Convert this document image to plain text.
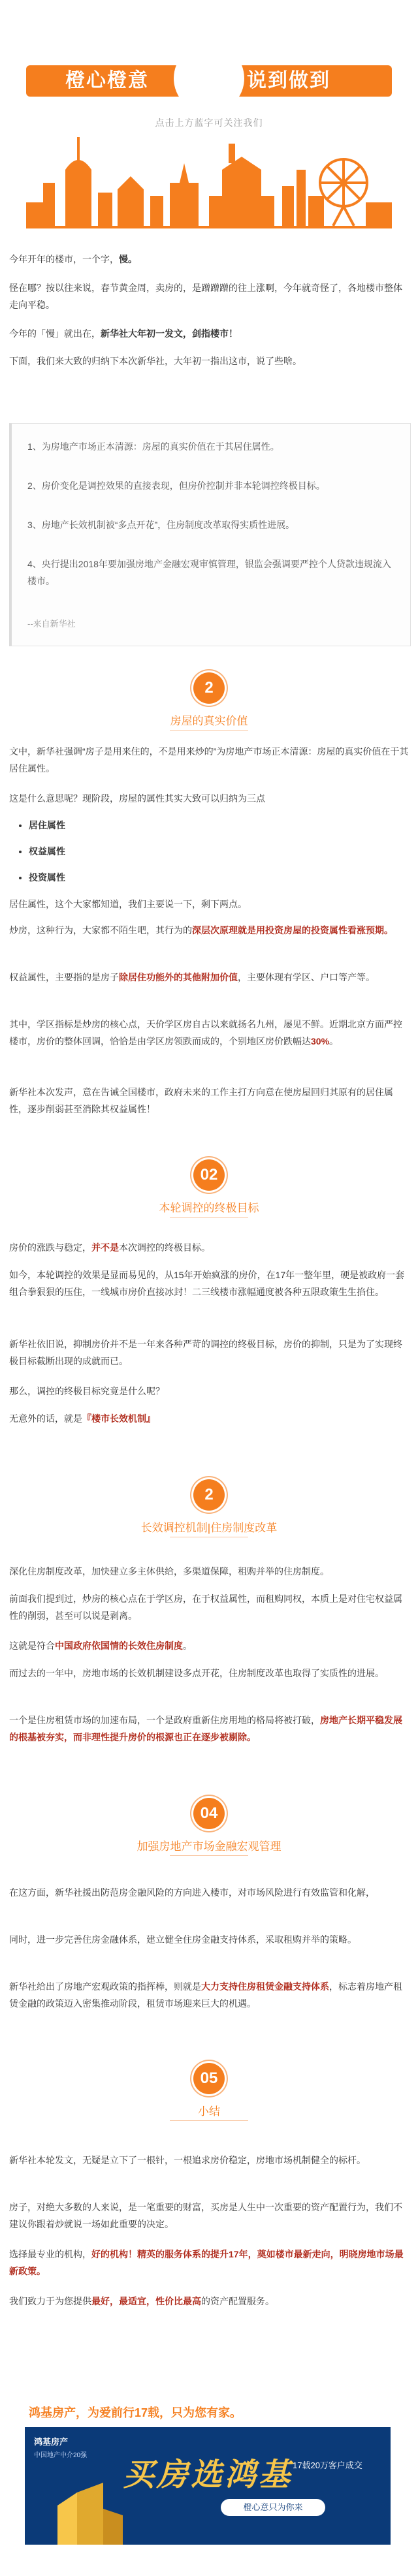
橙心橙意	说到做到
点击上方蓝字可关注我们

今年开年的楼市，一个字，慢。

怪在哪？按以往来说，春节黄金周，卖房的，是蹭蹭蹭的往上涨啊，今年就奇怪了，各地楼市整体走向平稳。

今年的「慢」就出在，新华社大年初一发文，剑指楼市！

下面，我们来大致的归纳下本次新华社，大年初一指出这市，说了些啥。

1、为房地产市场正本清源：房屋的真实价值在于其居住属性。
2、房价变化是调控效果的直接表现，但房价控制并非本轮调控终极目标。
3、房地产长效机制被“多点开花”，住房制度改革取得实质性进展。
4、央行提出2018年要加强房地产金融宏观审慎管理，银监会强调要严控个人贷款违规流入楼市。
--来自新华社
2
房屋的真实价值

文中，新华社强调“房子是用来住的，不是用来炒的”为房地产市场正本清源：房屋的真实价值在于其居住属性。

这是什么意思呢？现阶段，房屋的属性其实大致可以归纳为三点

• 居住属性
• 权益属性
• 投资属性

居住属性，这个大家都知道，我们主要说一下，剩下两点。

炒房，这种行为，大家都不陌生吧，其行为的深层次原理就是用投资房屋的投资属性看涨预期。

权益属性，主要指的是房子除居住功能外的其他附加价值，主要体现有学区、户口等产等。

其中，学区指标是炒房的核心点，天价学区房自古以来就扬名九州，屡见不鲜。近期北京方面严控楼市，房价的整体回调，恰恰是由学区房领跌而成的，个别地区房价跌幅达30%。

新华社本次发声，意在告诫全国楼市，政府未来的工作主打方向意在使房屋回归其原有的居住属性，逐步削弱甚至消除其权益属性！

02
本轮调控的终极目标

房价的涨跌与稳定，并不是本次调控的终极目标。

如今，本轮调控的效果是显而易见的，从15年开始疯涨的房价，在17年一整年里，硬是被政府一套组合拳狠狠的压住，一线城市房价直接冰封！二三线楼市涨幅通度被各种五限政策生生掐住。

新华社依旧说，抑制房价并不是一年来各种严苛的调控的终极目标，房价的抑制，只是为了实现终极目标截断出现的成就而已。

那么，调控的终极目标究竟是什么呢？

无意外的话，就是『楼市长效机制』

2
长效调控机制|住房制度改革

深化住房制度改革，加快建立多主体供给，多渠道保障，租购并举的住房制度。

前面我们提到过，炒房的核心点在于学区房，在于权益属性，而租购同权，本质上是对住宅权益属性的削弱，甚至可以说是剥离。

这就是符合中国政府依国情的长效住房制度。

而过去的一年中，房地市场的长效机制建设多点开花，住房制度改革也取得了实质性的进展。

一个是住房租赁市场的加速布局，一个是政府重新住房用地的格局将被打破，房地产长期平稳发展的根基被夯实，而非理性提升房价的根源也正在逐步被剔除。

04
加强房地产市场金融宏观管理

在这方面，新华社援出防范房金融风险的方向进入楼市，对市场风险进行有效监管和化解，

同时，进一步完善住房金融体系，建立健全住房金融支持体系，采取租购并举的策略。

新华社给出了房地产宏观政策的指挥棒，则就是大力支持住房租赁金融支持体系，标志着房地产租赁金融的政策迈入密集推动阶段，租赁市场迎来巨大的机遇。

05
小结

新华社本轮发文，无疑是立下了一根针，一根追求房价稳定，房地市场机制健全的标杆。

房子，对绝大多数的人来说，是一笔重要的财富，买房是人生中一次重要的资产配置行为，我们不建议你跟着炒就说一场如此重要的决定。

选择最专业的机构，好的机构！精英的服务体系的提升17年，奠如楼市最新走向，明晓房地市场最新政策。

我们致力于为您提供最好，最适宜，性价比最高的资产配置服务。

鸿基房产，为爱前行17载，只为您有家。
鸿基房产
中国地产中介20强
买房选鸿基 17载20万客户成交
橙心意只为你来
